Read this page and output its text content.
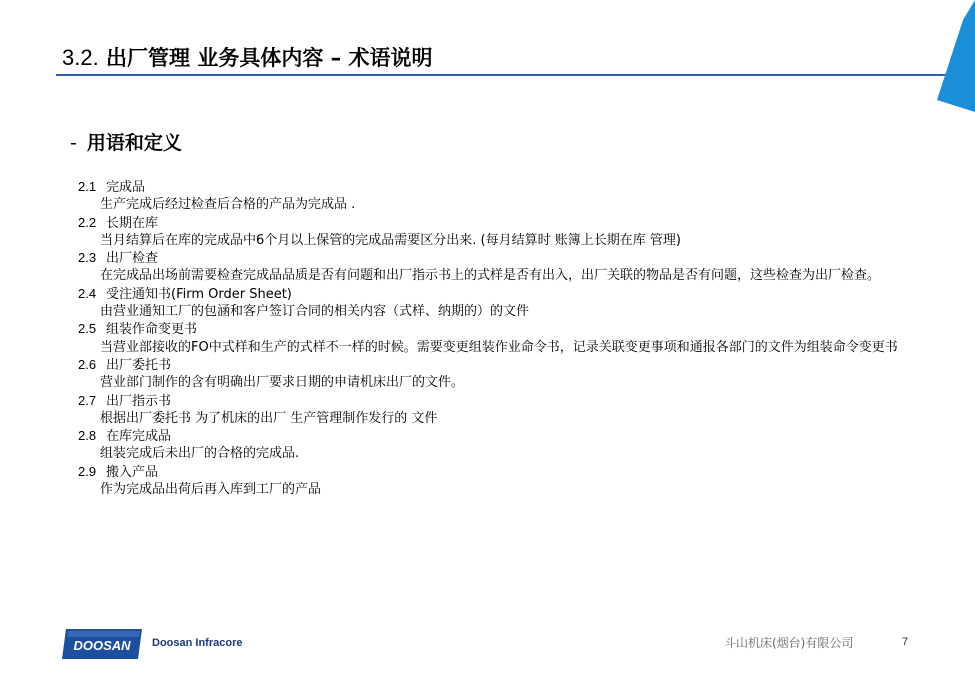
3.2. 出厂管理 业务具体内容 – 术语说明
- 用语和定义
2.1 完成品
生产完成后经过检查后合格的产品为完成品 .
2.2 长期在库
当月结算后在库的完成品中6个月以上保管的完成品需要区分出来. (每月结算时 账簿上长期在库 管理)
2.3 出厂检查
在完成品出场前需要检查完成品品质是否有问题和出厂指示书上的式样是否有出入，出厂关联的物品是否有问题，这些检查为出厂检查。
2.4 受注通知书(Firm Order Sheet)
由营业通知工厂的包涵和客户签订合同的相关内容（式样、纳期的）的文件
2.5 组装作命变更书
当营业部接收的FO中式样和生产的式样不一样的时候。需要变更组装作业命令书，记录关联变更事项和通报各部门的文件为组装命令变更书
2.6 出厂委托书
营业部门制作的含有明确出厂要求日期的申请机床出厂的文件。
2.7 出厂指示书
根据出厂委托书 为了机床的出厂 生产管理制作发行的 文件
2.8 在库完成品
组装完成后未出厂的合格的完成品.
2.9 搬入产品
作为完成品出荷后再入库到工厂的产品
DOOSAN Doosan Infracore	斗山机床(烟台)有限公司	7
